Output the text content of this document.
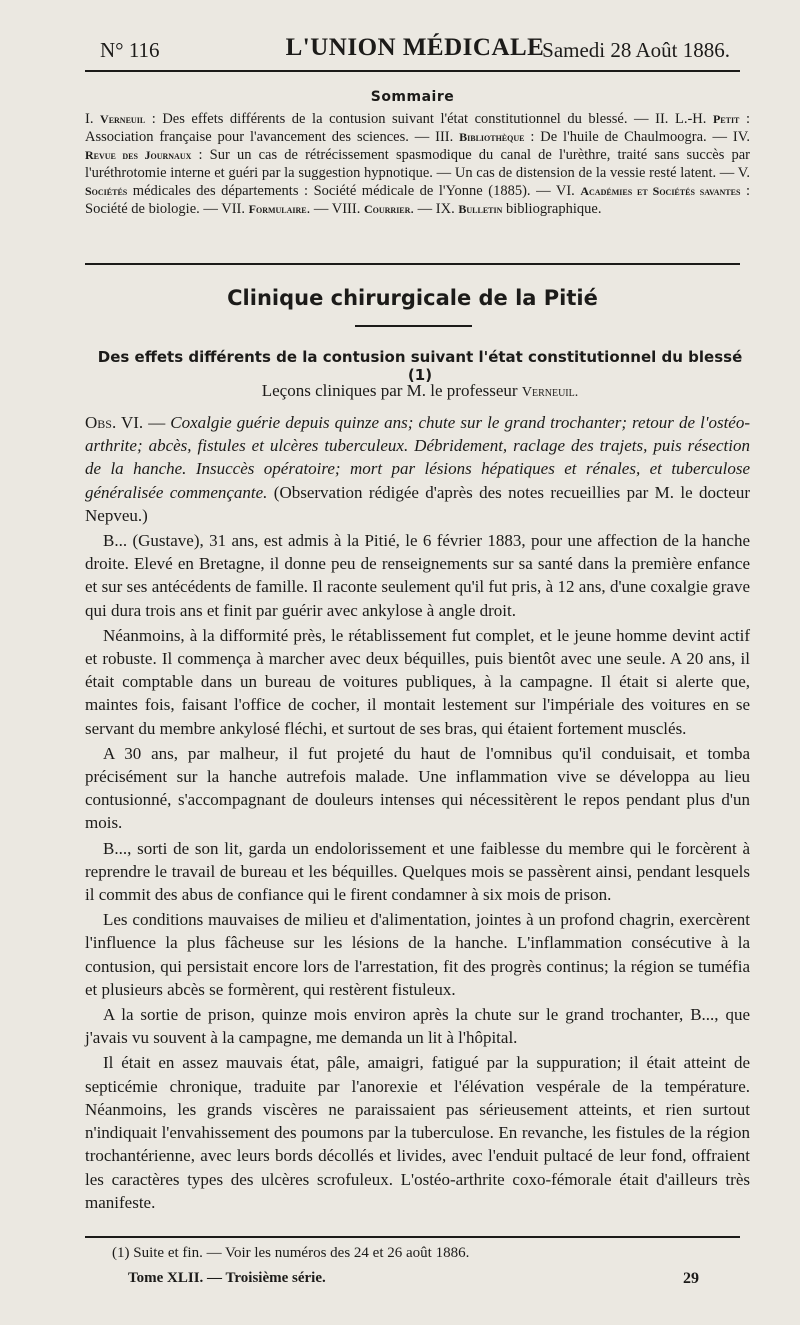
N° 116	L'UNION MÉDICALE
Samedi 28 Août 1886.
Sommaire
I. Verneuil : Des effets différents de la contusion suivant l'état constitutionnel du blessé. — II. L.-H. Petit : Association française pour l'avancement des sciences. — III. Bibliothèque : De l'huile de Chaulmoogra. — IV. Revue des Journaux : Sur un cas de rétrécissement spasmodique du canal de l'urèthre, traité sans succès par l'uréthrotomie interne et guéri par la suggestion hypnotique. — Un cas de distension de la vessie resté latent. — V. Sociétés médicales des départements : Société médicale de l'Yonne (1885). — VI. Académies et Sociétés savantes : Société de biologie. — VII. Formulaire. — VIII. Courrier. — IX. Bulletin bibliographique.
Clinique chirurgicale de la Pitié
Des effets différents de la contusion suivant l'état constitutionnel du blessé (1)
Leçons cliniques par M. le professeur Verneuil.

Obs. VI. — Coxalgie guérie depuis quinze ans; chute sur le grand trochanter; retour de l'ostéo-arthrite; abcès, fistules et ulcères tuberculeux. Débridement, raclage des trajets, puis résection de la hanche. Insuccès opératoire; mort par lésions hépatiques et rénales, et tuberculose généralisée commençante. (Observation rédigée d'après des notes recueillies par M. le docteur Nepveu.)

B... (Gustave), 31 ans, est admis à la Pitié, le 6 février 1883, pour une affection de la hanche droite. Elevé en Bretagne, il donne peu de renseignements sur sa santé dans la première enfance et sur ses antécédents de famille. Il raconte seulement qu'il fut pris, à 12 ans, d'une coxalgie grave qui dura trois ans et finit par guérir avec ankylose à angle droit.

Néanmoins, à la difformité près, le rétablissement fut complet, et le jeune homme devint actif et robuste. Il commença à marcher avec deux béquilles, puis bientôt avec une seule. A 20 ans, il était comptable dans un bureau de voitures publiques, à la campagne. Il était si alerte que, maintes fois, faisant l'office de cocher, il montait lestement sur l'impériale des voitures en se servant du membre ankylosé fléchi, et surtout de ses bras, qui étaient fortement musclés.

A 30 ans, par malheur, il fut projeté du haut de l'omnibus qu'il conduisait, et tomba précisément sur la hanche autrefois malade. Une inflammation vive se développa au lieu contusionné, s'accompagnant de douleurs intenses qui nécessitèrent le repos pendant plus d'un mois.

B..., sorti de son lit, garda un endolorissement et une faiblesse du membre qui le forcèrent à reprendre le travail de bureau et les béquilles. Quelques mois se passèrent ainsi, pendant lesquels il commit des abus de confiance qui le firent condamner à six mois de prison.

Les conditions mauvaises de milieu et d'alimentation, jointes à un profond chagrin, exercèrent l'influence la plus fâcheuse sur les lésions de la hanche. L'inflammation consécutive à la contusion, qui persistait encore lors de l'arrestation, fit des progrès continus; la région se tuméfia et plusieurs abcès se formèrent, qui restèrent fistuleux.

A la sortie de prison, quinze mois environ après la chute sur le grand trochanter, B..., que j'avais vu souvent à la campagne, me demanda un lit à l'hôpital.

Il était en assez mauvais état, pâle, amaigri, fatigué par la suppuration; il était atteint de septicémie chronique, traduite par l'anorexie et l'élévation vespérale de la température. Néanmoins, les grands viscères ne paraissaient pas sérieusement atteints, et rien surtout n'indiquait l'envahissement des poumons par la tuberculose. En revanche, les fistules de la région trochantérienne, avec leurs bords décollés et livides, avec l'enduit pultacé de leur fond, offraient les caractères types des ulcères scrofuleux. L'ostéo-arthrite coxo-fémorale était d'ailleurs très manifeste.

(1) Suite et fin. — Voir les numéros des 24 et 26 août 1886.
Tome XLII. — Troisième série.	29
